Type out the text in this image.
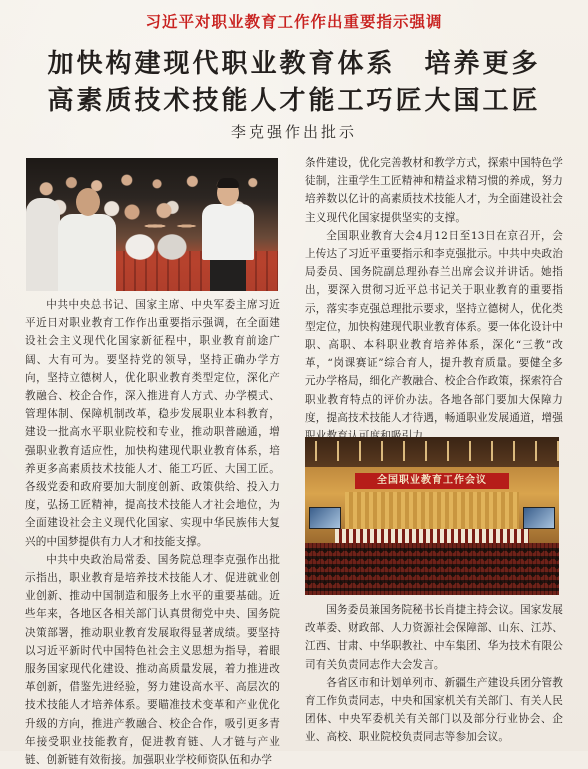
习近平对职业教育工作作出重要指示强调
加快构建现代职业教育体系　培养更多
高素质技术技能人才能工巧匠大国工匠
李克强作出批示

中共中央总书记、国家主席、中央军委主席习近平近日对职业教育工作作出重要指示强调，在全面建设社会主义现代化国家新征程中，职业教育前途广阔、大有可为。要坚持党的领导，坚持正确办学方向，坚持立德树人，优化职业教育类型定位，深化产教融合、校企合作，深入推进育人方式、办学模式、管理体制、保障机制改革，稳步发展职业本科教育，建设一批高水平职业院校和专业，推动职普融通，增强职业教育适应性，加快构建现代职业教育体系，培养更多高素质技术技能人才、能工巧匠、大国工匠。各级党委和政府要加大制度创新、政策供给、投入力度，弘扬工匠精神，提高技术技能人才社会地位，为全面建设社会主义现代化国家、实现中华民族伟大复兴的中国梦提供有力人才和技能支撑。

中共中央政治局常委、国务院总理李克强作出批示指出，职业教育是培养技术技能人才、促进就业创业创新、推动中国制造和服务上水平的重要基础。近些年来，各地区各相关部门认真贯彻党中央、国务院决策部署，推动职业教育发展取得显著成绩。要坚持以习近平新时代中国特色社会主义思想为指导，着眼服务国家现代化建设、推动高质量发展，着力推进改革创新，借鉴先进经验，努力建设高水平、高层次的技术技能人才培养体系。要瞄准技术变革和产业优化升级的方向，推进产教融合、校企合作，吸引更多青年接受职业技能教育，促进教育链、人才链与产业链、创新链有效衔接。加强职业学校师资队伍和办学

条件建设，优化完善教材和教学方式，探索中国特色学徒制，注重学生工匠精神和精益求精习惯的养成，努力培养数以亿计的高素质技术技能人才，为全面建设社会主义现代化国家提供坚实的支撑。

全国职业教育大会4月12日至13日在京召开，会上传达了习近平重要指示和李克强批示。中共中央政治局委员、国务院副总理孙春兰出席会议并讲话。她指出，要深入贯彻习近平总书记关于职业教育的重要指示，落实李克强总理批示要求，坚持立德树人，优化类型定位，加快构建现代职业教育体系。要一体化设计中职、高职、本科职业教育培养体系，深化“三教”改革，“岗课赛证”综合育人，提升教育质量。要健全多元办学格局，细化产教融合、校企合作政策，探索符合职业教育特点的评价办法。各地各部门要加大保障力度，提高技术技能人才待遇，畅通职业发展通道，增强

全国职业教育工作会议

国务委员兼国务院秘书长肖捷主持会议。国家发展改革委、财政部、人力资源社会保障部、山东、江苏、江西、甘肃、中华职教社、中车集团、华为技术有限公司有关负责同志作大会发言。

各省区市和计划单列市、新疆生产建设兵团分管教育工作负责同志，中央和国家机关有关部门、有关人民团体、中央军委机关有关部门以及部分行业协会、企业、高校、职业院校负责同志等参加会议。
